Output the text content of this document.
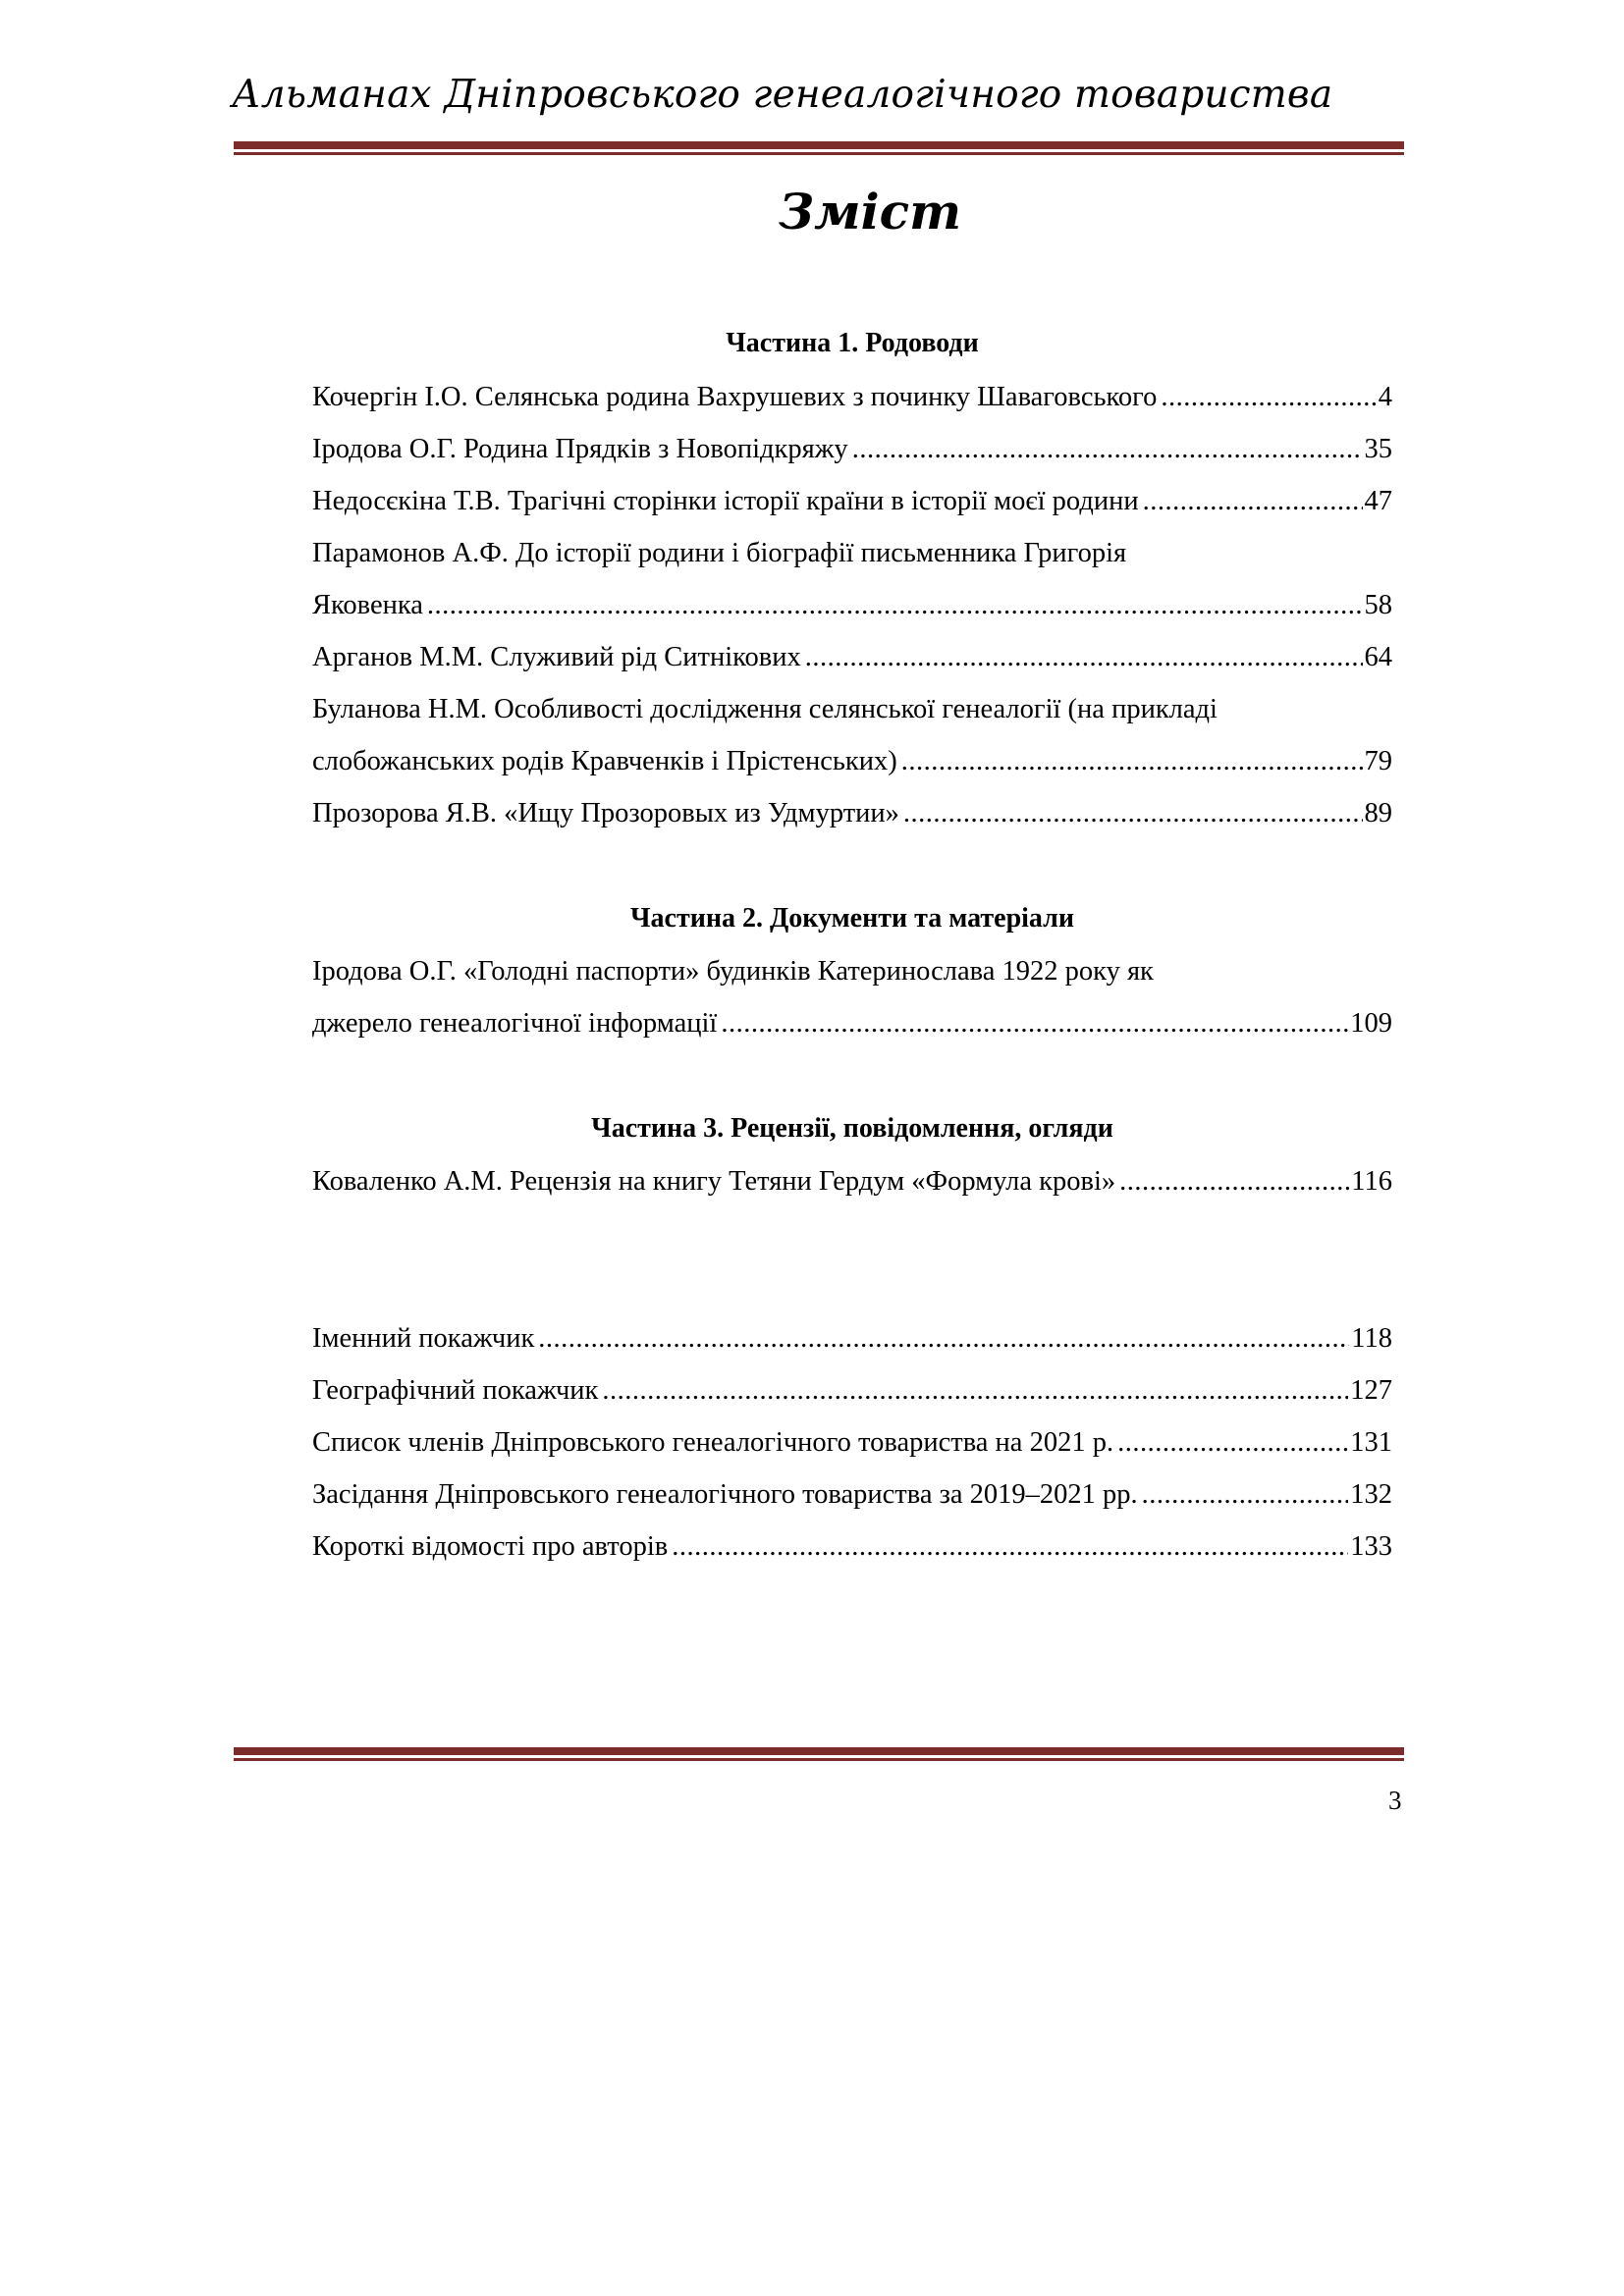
Альманах Дніпровського генеалогічного товариства
Зміст
Частина 1. Родоводи
Кочергін І.О. Селянська родина Вахрушевих з починку Шаваговського .....	4
Іродова О.Г. Родина Прядків з Новопідкряжу .....	35
Недосєкіна Т.В. Трагічні сторінки історії країни в історії моєї родини .....	47
Парамонов А.Ф. До історії родини і біографії письменника Григорія
Яковенка .....	58
Арганов М.М. Служивий рід Ситнікових .....	64
Буланова Н.М. Особливості дослідження селянської генеалогії (на прикладі
слобожанських родів Кравченків і Прістенських) .....	79
Прозорова Я.В. «Ищу Прозоровых из Удмуртии» .....	89
Частина 2. Документи та матеріали
Іродова О.Г. «Голодні паспорти» будинків Катеринослава 1922 року як
джерело генеалогічної інформації .....	109
Частина 3. Рецензії, повідомлення, огляди
Коваленко А.М. Рецензія на книгу Тетяни Гердум «Формула крові» .....	116
Іменний покажчик .....	118
Географічний покажчик .....	127
Список членів Дніпровського генеалогічного товариства на 2021 р. .....	131
Засідання Дніпровського генеалогічного товариства за 2019–2021 рр. .....	132
Короткі відомості про авторів .....	133
3
